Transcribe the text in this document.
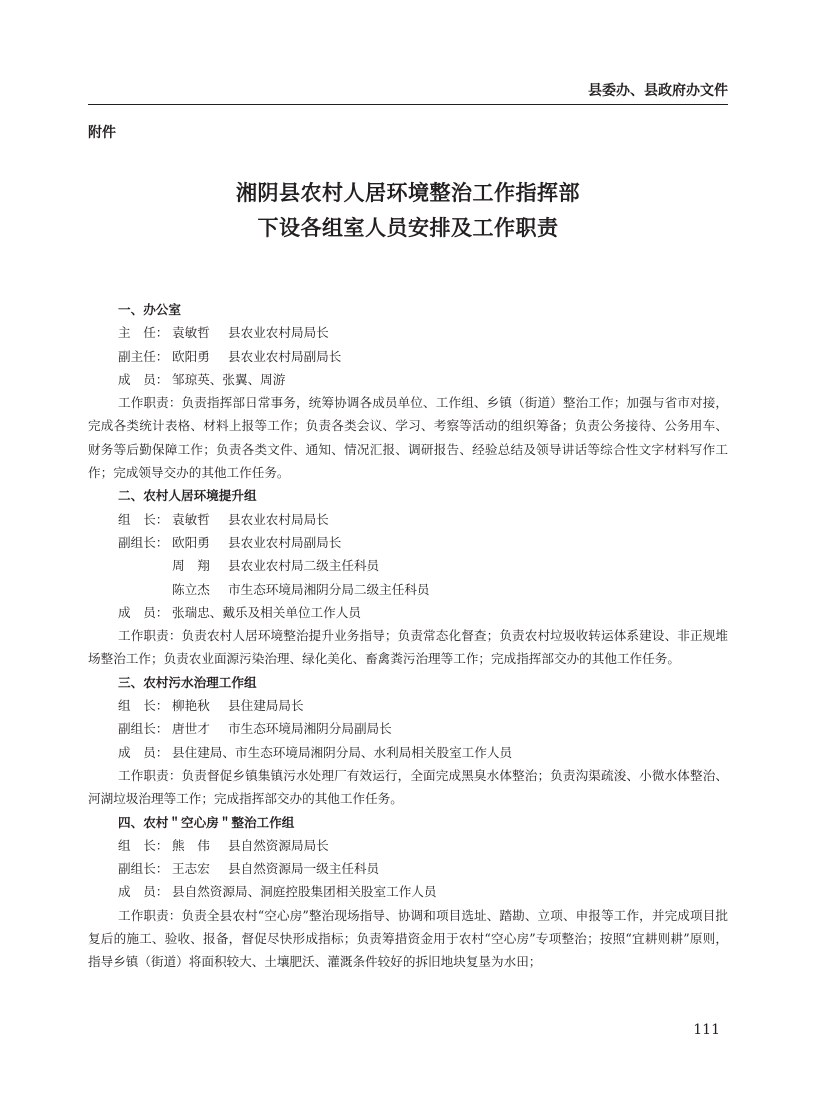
县委办、县政府办文件
附件
湘阴县农村人居环境整治工作指挥部
下设各组室人员安排及工作职责

一、办公室

主　任： 袁敏哲	县农业农村局局长

副主任： 欧阳勇	县农业农村局副局长

成　员： 邹琼英、张翼、周游

工作职责：负责指挥部日常事务，统筹协调各成员单位、工作组、乡镇（街道）整治工作；加强与省市对接，完成各类统计表格、材料上报等工作；负责各类会议、学习、考察等活动的组织筹备；负责公务接待、公务用车、财务等后勤保障工作；负责各类文件、通知、情况汇报、调研报告、经验总结及领导讲话等综合性文字材料写作工作；完成领导交办的其他工作任务。

二、农村人居环境提升组

组　长： 袁敏哲	县农业农村局局长

副组长： 欧阳勇	县农业农村局副局长

周　翔	县农业农村局二级主任科员

陈立杰	市生态环境局湘阴分局二级主任科员

成　员： 张瑞忠、戴乐及相关单位工作人员

工作职责：负责农村人居环境整治提升业务指导；负责常态化督查；负责农村垃圾收转运体系建设、非正规堆场整治工作；负责农业面源污染治理、绿化美化、畜禽粪污治理等工作；完成指挥部交办的其他工作任务。

三、农村污水治理工作组

组　长： 柳艳秋	县住建局局长

副组长： 唐世才	市生态环境局湘阴分局副局长

成　员： 县住建局、市生态环境局湘阴分局、水利局相关股室工作人员

工作职责：负责督促乡镇集镇污水处理厂有效运行，全面完成黑臭水体整治；负责沟渠疏浚、小微水体整治、河湖垃圾治理等工作；完成指挥部交办的其他工作任务。

四、农村＂空心房＂整治工作组

组　长： 熊　伟	县自然资源局局长

副组长： 王志宏	县自然资源局一级主任科员

成　员： 县自然资源局、洞庭控股集团相关股室工作人员

工作职责：负责全县农村“空心房”整治现场指导、协调和项目选址、踏勘、立项、申报等工作，并完成项目批复后的施工、验收、报备，督促尽快形成指标；负责筹措资金用于农村“空心房”专项整治；按照“宜耕则耕”原则，指导乡镇（街道）将面积较大、土壤肥沃、灌溉条件较好的拆旧地块复垦为水田；

111
